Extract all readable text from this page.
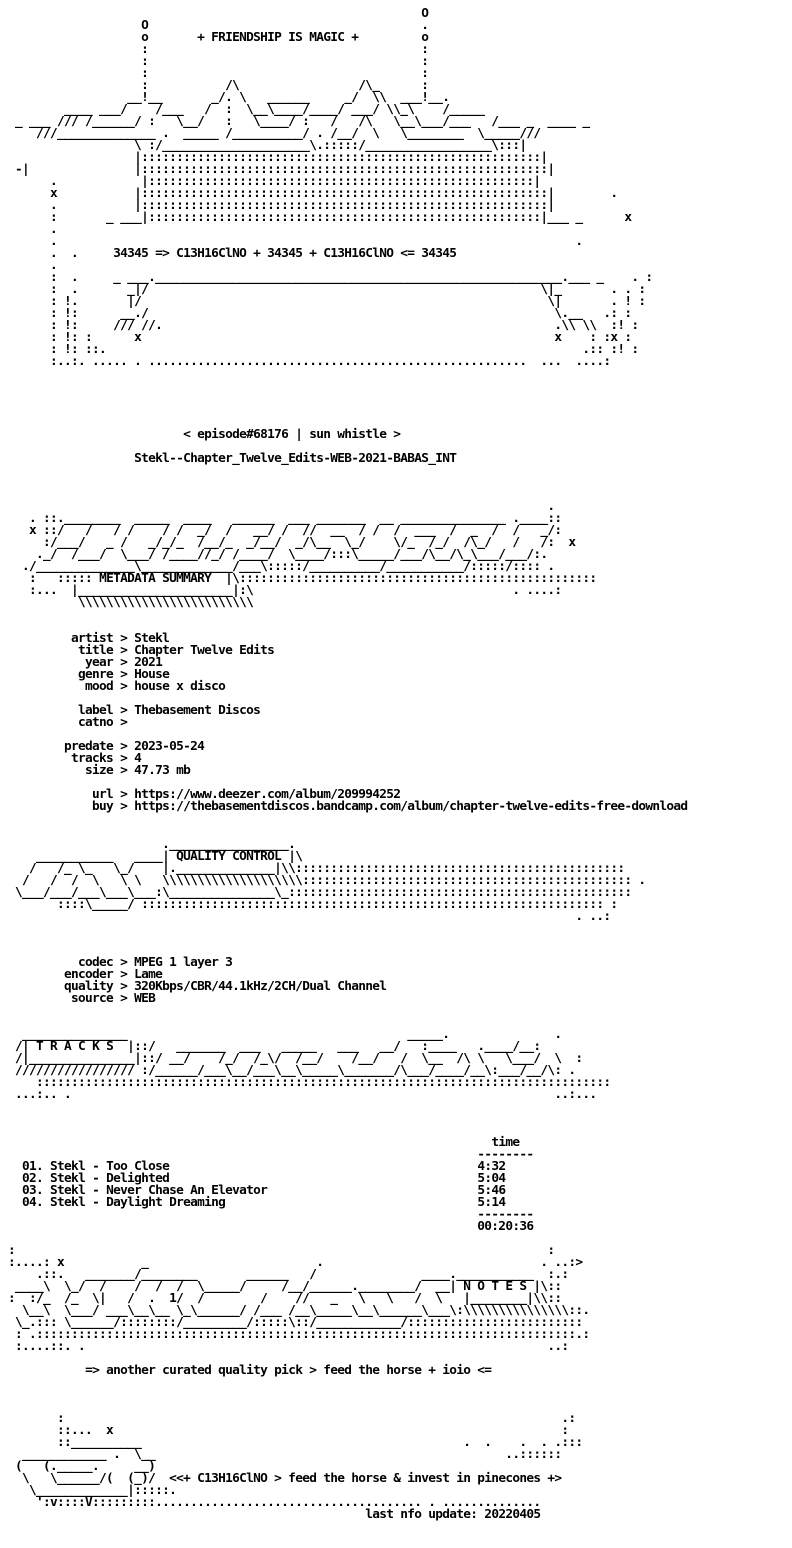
O
O                                       .
o	+ FRIENDSHIP IS MAGIC +	o
:                                       :
:                                       :
:                                       :
:           /\                 /\_      :
__!__       _/. \   ______     _/  \\  ___!__.
____ ___/    /___   /  :  \__\____/____/ ___/ \\_\    /_____
_ ___ /// /______/ :   \__/   :   \____/ :   /   /\   \__\___/___   /___ _  ____ _
///______________ .  _____ /__________/ . /__/  \   \________  \_____///
\ :/_____________________\.:::::/__________________\:::|
|:::::::::::::::::::::::::::::::::::::::::::::::::::::::::|
-|               |::::::::::::::::::::::::::::::::::::::::::::::::::::::::::|
.            |:::::::::::::::::::::::::::::::::::::::::::::::::::::::|
x           |::::::::::::::::::::::::::::::::::::::::::::::::::::::::::|        .
.           |::::::::::::::::::::::::::::::::::::::::::::::::::::::::::|
:       _ ___|::::::::::::::::::::::::::::::::::::::::::::::::::::::::|___ _      x
.
.                                                                          .
.  .	34345 => C13H16ClNO + 34345 + C13H16ClNO <= 34345
.
:  .     _ ___.__________________________________________________________.___ _    . :
:  .       _|/                                                        \|_       . . :
: !.       |/                                                          \|       . ! :
: !:      __./                                                          \.__   .: :
: !:     /// //.                                                        .\\ \\  :! :
: !: :      x                                                           x    : :x :
: !: ::.                                                                    .:: :! :
:..:. ..... . ......................................................  ...  ....:

< episode#68176 | sun whistle >

Stekl--Chapter_Twelve_Edits-WEB-2021-BABAS_INT
.
. ::.________  _____  ____   ______  ___ _______  __ _______________ .____::
x ::/   /   / /    / /  _/  /   __/ /  //  __  / /  /  ___  /  _  /  /   _/:
:/___/   _ /   _/_/_  /__/_  _/__/  _/\__  \_/    \/_  /_/  /\_/   /   /:  x
._/  /___/  \___/ /____//_/ /____/  \____/:::\_____/___/\__/\_\___/___/:.
./______________\_____________/___\:::::/__________/___________/:::::/:::: .
:   ::::: METADATA SUMMARY  |\:::::::::::::::::::::::::::::::::::::::::::::::::::
:...  |______________________|:\                                     . ....:
\\\\\\\\\\\\\\\\\\\\\\\\\
artist > Stekl
title > Chapter Twelve Edits
year > 2021
genre > House
mood > house x disco

label > Thebasement Discos
catno >

predate > 2023-05-24
tracks > 4
size > 47.73 mb

url > https://www.deezer.com/album/209994252
buy > https://thebasementdiscos.bandcamp.com/album/chapter-twelve-edits-free-download
._________________.
___________   ____| QUALITY CONTROL |\
/   /_ \_   \_/    |.______________|\\:::::::::::::::::::::::::::::::::::::::::::::::
/   /  /  \   \ \   \\\\\\\\\\\\\\\\\\\\::::::::::::::::::::::::::::::::::::::::::::::: .
\___/___/___\___\___:\_______________\_:::::::::::::::::::::::::::::::::::::::::::::::::
::::\_____/ :::::::::::::::::::::::::::::::::::::::::::::::::::::::::::::::::: :
. ..:
codec > MPEG 1 layer 3
encoder > Lame
quality > 320Kbps/CBR/44.1kHz/2CH/Dual Channel
source > WEB
_______________                                        _____.               .
/| T R A C K S  |::/   _______  ___   _____   ___   __/   :____   .____/__:
/|_______________|::/ __/    /_/  /_\/  /__/    /__/   /  \__  /\ \   \___/  \  :
///////////////// :/______/___\__/___\__\_____\_______/\___/____/__\:___/__/\: .
::::::::::::::::::::::::::::::::::::::::::::::::::::::::::::::::::::::::::::::::::
...:.. .                                                                     ..:...
time
--------
01. Stekl - Too Close	4:32
02. Stekl - Delighted	5:04
03. Stekl - Never Chase An Elevator	5:46
04. Stekl - Daylight Dreaming	5:14
--------
00:20:36
:                                                                            :
:....: x           _                        .                               . ..:>
.::.   _______/________       ______   /               ____.___________  :.:
____\  \_/  /    /  /  /  \_____/     /__/______.________/  __| N O T E S |\::
:  :/_  /_  \|   /  .  1/  /        /    //   _   \   \   /  \   |________|\\::
\__\  \___/ ___\__\__ \_\______/ /___ /__\_____\__\______\___\:\\\\\\\\\\\\\\\::.
\_.::: \______/::::::::/_________/:::::\::/____________/:::::::::::::::::::::::::
: .:::::::::::::::::::::::::::::::::::::::::::::::::::::::::::::::::::::::::::::.:
:....::. .                                                                  ..:
=> another curated quality pick > feed the horse + ioio <=
:                                                                       .:
::...  x                                                                :
::__________                                              .  .    .  . .:::
____________ .  \__                                                  ..::::::
(   (._____.     __)
\   \______/(  (_)/  <<+ C13H16ClNO > feed the horse & invest in pinecones +>
\_____________|:::::.
':v::::V:::::::::...................................... . ..............
last nfo update: 20220405
